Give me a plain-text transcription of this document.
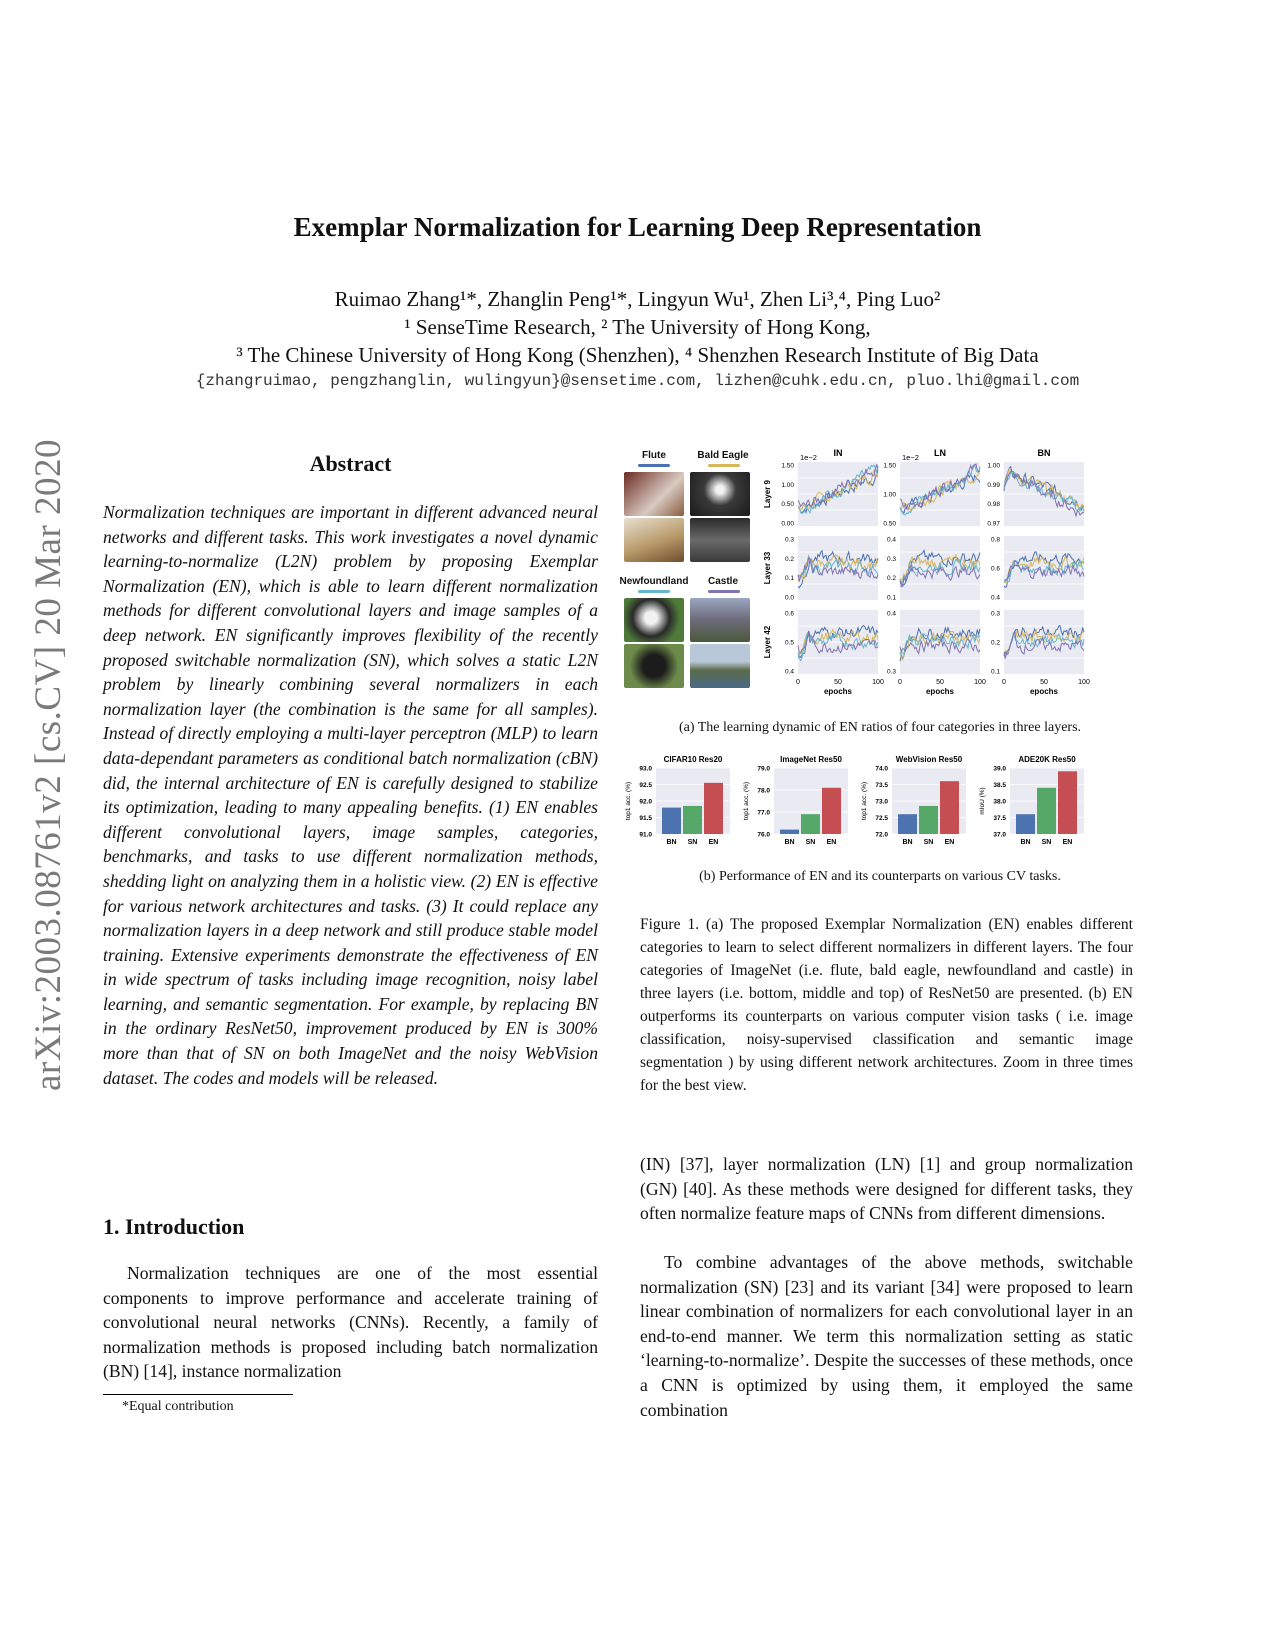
arXiv:2003.08761v2 [cs.CV] 20 Mar 2020
Exemplar Normalization for Learning Deep Representation
Ruimao Zhang¹*, Zhanglin Peng¹*, Lingyun Wu¹, Zhen Li³,⁴, Ping Luo²
¹ SenseTime Research, ² The University of Hong Kong,
³ The Chinese University of Hong Kong (Shenzhen), ⁴ Shenzhen Research Institute of Big Data
{zhangruimao, pengzhanglin, wulingyun}@sensetime.com, lizhen@cuhk.edu.cn, pluo.lhi@gmail.com
Abstract
Normalization techniques are important in different advanced neural networks and different tasks. This work investigates a novel dynamic learning-to-normalize (L2N) problem by proposing Exemplar Normalization (EN), which is able to learn different normalization methods for different convolutional layers and image samples of a deep network. EN significantly improves flexibility of the recently proposed switchable normalization (SN), which solves a static L2N problem by linearly combining several normalizers in each normalization layer (the combination is the same for all samples). Instead of directly employing a multi-layer perceptron (MLP) to learn data-dependant parameters as conditional batch normalization (cBN) did, the internal architecture of EN is carefully designed to stabilize its optimization, leading to many appealing benefits. (1) EN enables different convolutional layers, image samples, categories, benchmarks, and tasks to use different normalization methods, shedding light on analyzing them in a holistic view. (2) EN is effective for various network architectures and tasks. (3) It could replace any normalization layers in a deep network and still produce stable model training. Extensive experiments demonstrate the effectiveness of EN in wide spectrum of tasks including image recognition, noisy label learning, and semantic segmentation. For example, by replacing BN in the ordinary ResNet50, improvement produced by EN is 300% more than that of SN on both ImageNet and the noisy WebVision dataset. The codes and models will be released.
1. Introduction
Normalization techniques are one of the most essential components to improve performance and accelerate training of convolutional neural networks (CNNs). Recently, a family of normalization methods is proposed including batch normalization (BN) [14], instance normalization
*Equal contribution
Flute	Bald Eagle
Newfoundland	Castle
IN	LN	BN
1e−2	1e−2
Layer 9
Layer 33
Layer 42
0.00
0.50
1.00
1.50
0.50
1.00
1.50
0.97
0.98
0.99
1.00
0.0
0.1
0.2
0.3
0.1
0.2
0.3
0.4
0.4
0.6
0.8
0.4
0.5
0.6
0	50	100
epochs
0.3
0.4
0	50	100
epochs
0.1
0.2
0.3
0	50	100
epochs
(a) The learning dynamic of EN ratios of four categories in three layers.
CIFAR10 Res20
91.0
91.5
92.0
92.5
93.0
top1 acc. (%)
BN SN EN
ImageNet Res50
76.0
77.0
78.0
79.0
top1 acc. (%)
BN SN EN
WebVision Res50
72.0
72.5
73.0
73.5
74.0
top1 acc. (%)
BN SN EN
ADE20K Res50
37.0
37.5
38.0
38.5
39.0
mIoU (%)
BN SN EN
(b) Performance of EN and its counterparts on various CV tasks.
Figure 1. (a) The proposed Exemplar Normalization (EN) enables different categories to learn to select different normalizers in different layers. The four categories of ImageNet (i.e. flute, bald eagle, newfoundland and castle) in three layers (i.e. bottom, middle and top) of ResNet50 are presented. (b) EN outperforms its counterparts on various computer vision tasks ( i.e. image classification, noisy-supervised classification and semantic image segmentation ) by using different network architectures. Zoom in three times for the best view.
(IN) [37], layer normalization (LN) [1] and group normalization (GN) [40]. As these methods were designed for different tasks, they often normalize feature maps of CNNs from different dimensions.
To combine advantages of the above methods, switchable normalization (SN) [23] and its variant [34] were proposed to learn linear combination of normalizers for each convolutional layer in an end-to-end manner. We term this normalization setting as static ‘learning-to-normalize’. Despite the successes of these methods, once a CNN is optimized by using them, it employed the same combination
